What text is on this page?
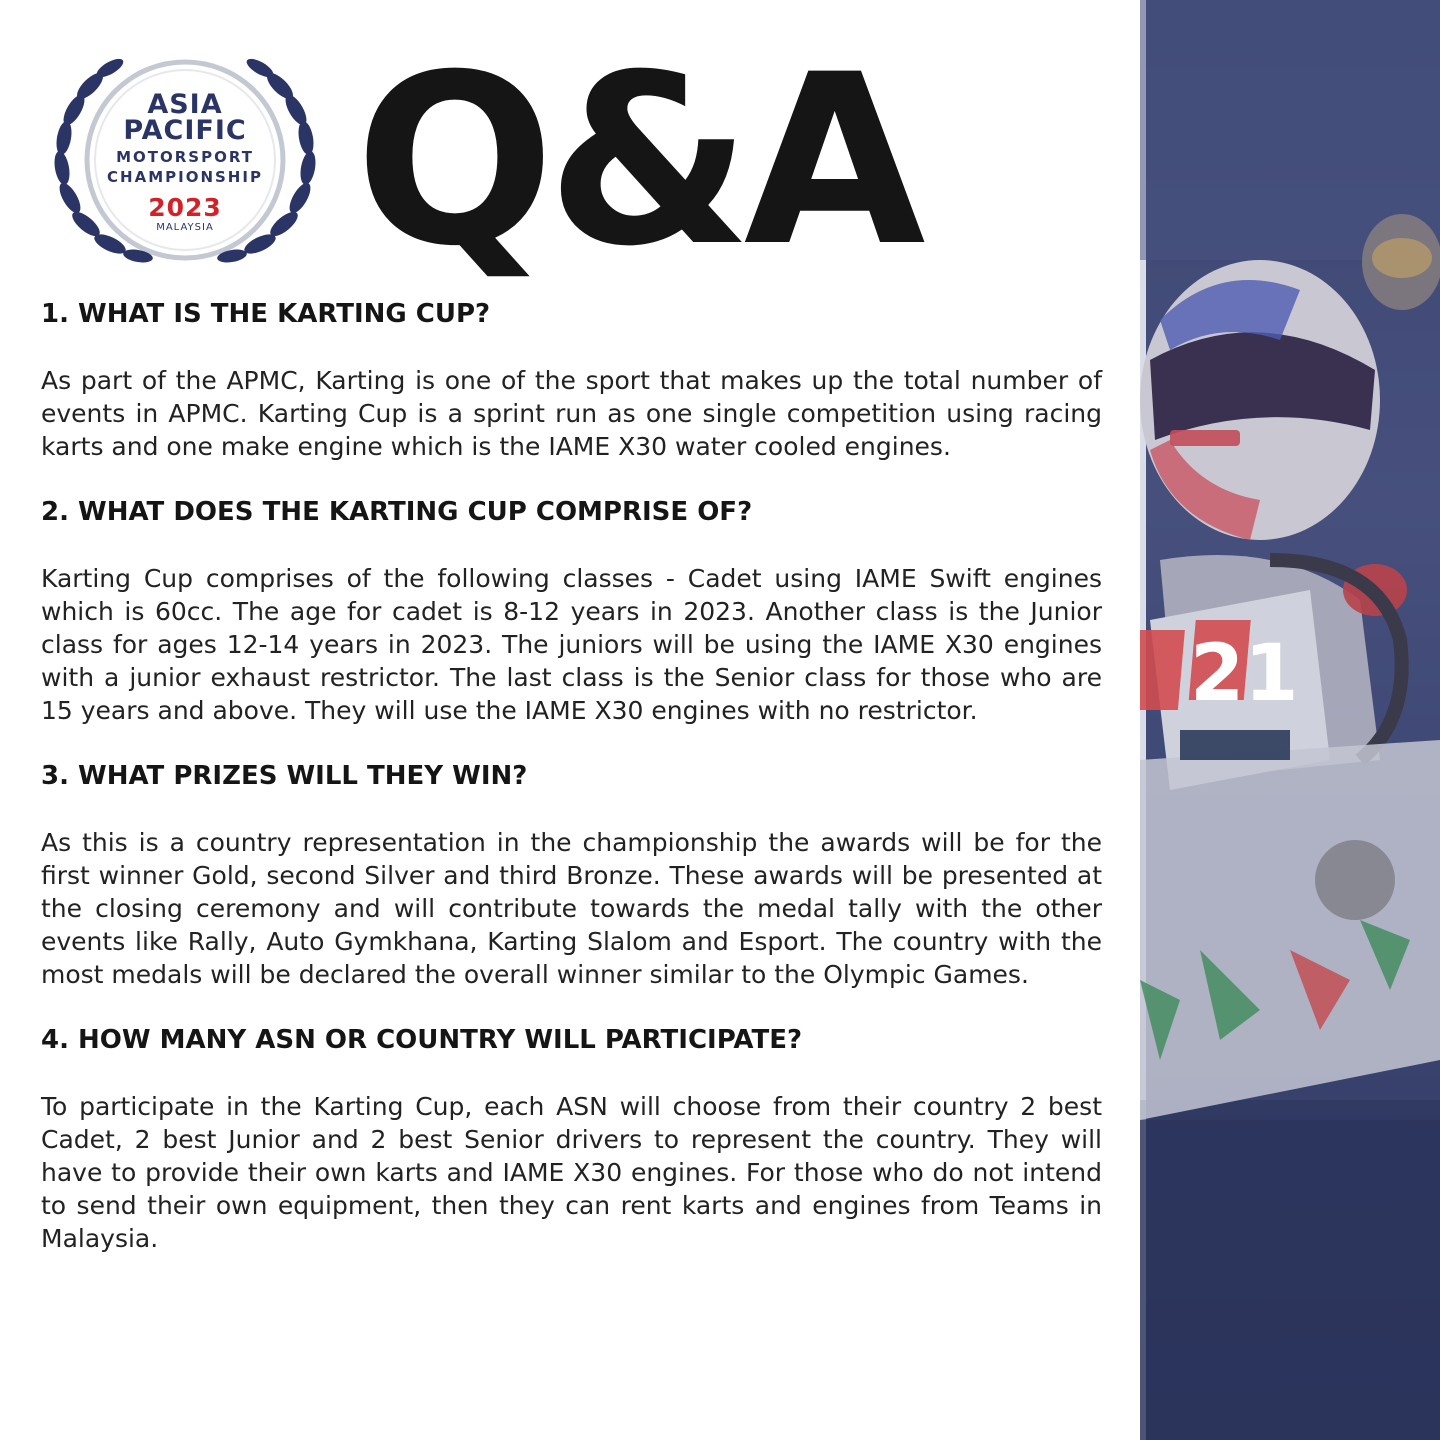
ASIA
PACIFIC
MOTORSPORT
CHAMPIONSHIP
2023
MALAYSIA Q&A
1. WHAT IS THE KARTING CUP?
As part of the APMC, Karting is one of the sport that makes up the total number of events in APMC. Karting Cup is a sprint run as one single competition using racing karts and one make engine which is the IAME X30 water cooled engines.
2. WHAT DOES THE KARTING CUP COMPRISE OF?
Karting Cup comprises of the following classes - Cadet using IAME Swift engines which is 60cc. The age for cadet is 8-12 years in 2023. Another class is the Junior class for ages 12-14 years in 2023. The juniors will be using the IAME X30 engines with a junior exhaust restrictor. The last class is the Senior class for those who are 15 years and above. They will use the IAME X30 engines with no restrictor.
3. WHAT PRIZES WILL THEY WIN?
As this is a country representation in the championship the awards will be for the first winner Gold, second Silver and third Bronze. These awards will be presented at the closing ceremony and will contribute towards the medal tally with the other events like Rally, Auto Gymkhana, Karting Slalom and Esport. The country with the most medals will be declared the overall winner similar to the Olympic Games.
4. HOW MANY ASN OR COUNTRY WILL PARTICIPATE?
To participate in the Karting Cup, each ASN will choose from their country 2 best Cadet, 2 best Junior and 2 best Senior drivers to represent the country. They will have to provide their own karts and IAME X30 engines. For those who do not intend to send their own equipment, then they can rent karts and engines from Teams in Malaysia.
21
